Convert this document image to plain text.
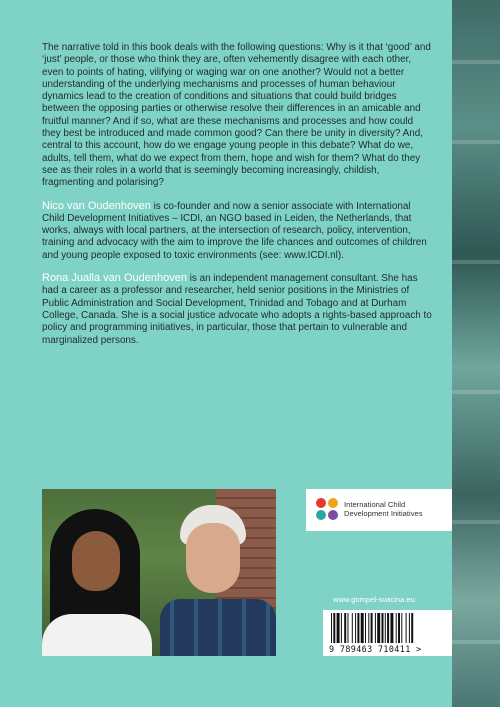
The narrative told in this book deals with the following questions: Why is it that ‘good’ and ‘just’ people, or those who think they are, often vehemently disagree with each other, even to points of hating, vilifying or waging war on one another? Would not a better understanding of the underlying mechanisms and processes of human behaviour dynamics lead to the creation of conditions and situations that could build bridges between the opposing parties or otherwise resolve their differences in an amicable and fruitful manner? And if so, what are these mechanisms and processes and how could they best be introduced and made common good? Can there be unity in diversity? And, central to this account, how do we engage young people in this debate? What do we, adults, tell them, what do we expect from them, hope and wish for them? What do they see as their roles in a world that is seemingly becoming increasingly, childish, fragmenting and polarising?

Nico van Oudenhoven is co-founder and now a senior associate with International Child Development Initiatives – ICDI, an NGO based in Leiden, the Netherlands, that works, always with local partners, at the intersection of research, policy, intervention, training and advocacy with the aim to improve the life chances and outcomes of children and young people exposed to toxic environments (see: www.ICDI.nl).

Rona Jualla van Oudenhoven is an independent management consultant. She has had a career as a professor and researcher, held senior positions in the Ministries of Public Administration and Social Development, Trinidad and Tobago and at Durham College, Canada. She is a social justice advocate who adopts a rights-based approach to policy and programming initiatives, in particular, those that pertain to vulnerable and marginalized persons.

International Child
Development Initiatives
www.gompel-svacina.eu
9 789463 710411 >
